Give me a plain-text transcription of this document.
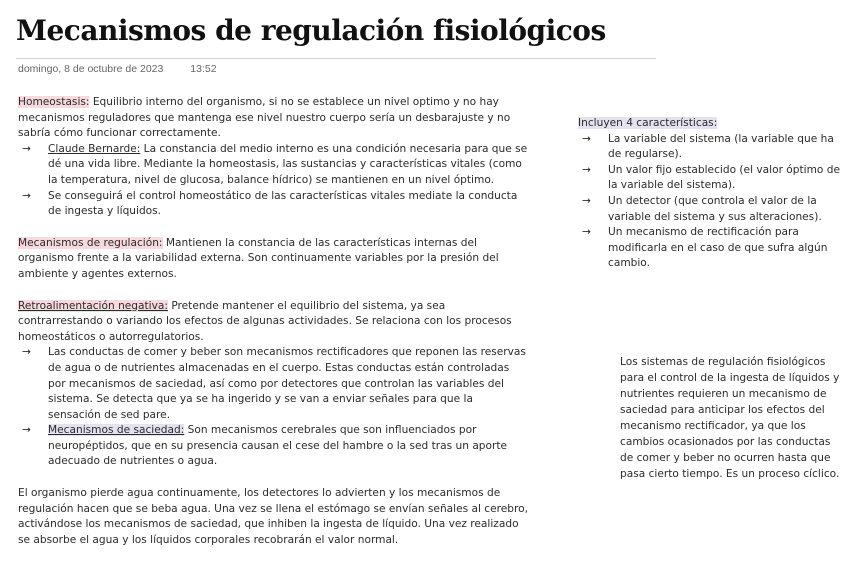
Mecanismos de regulación fisiológicos
domingo, 8 de octubre de 2023	13:52

Homeostasis: Equilibrio interno del organismo, si no se establece un nivel optimo y no hay mecanismos reguladores que mantenga ese nivel nuestro cuerpo sería un desbarajuste y no sabría cómo funcionar correctamente.

→ Claude Bernarde: La constancia del medio interno es una condición necesaria para que se dé una vida libre. Mediante la homeostasis, las sustancias y características vitales (como la temperatura, nivel de glucosa, balance hídrico) se mantienen en un nivel óptimo.

→ Se conseguirá el control homeostático de las características vitales mediate la conducta de ingesta y líquidos.

Mecanismos de regulación: Mantienen la constancia de las características internas del organismo frente a la variabilidad externa. Son continuamente variables por la presión del ambiente y agentes externos.

Retroalimentación negativa: Pretende mantener el equilibrio del sistema, ya sea contrarrestando o variando los efectos de algunas actividades. Se relaciona con los procesos homeostáticos o autorregulatorios.

→ Las conductas de comer y beber son mecanismos rectificadores que reponen las reservas de agua o de nutrientes almacenadas en el cuerpo. Estas conductas están controladas por mecanismos de saciedad, así como por detectores que controlan las variables del sistema. Se detecta que ya se ha ingerido y se van a enviar señales para que la sensación de sed pare.

→ Mecanismos de saciedad: Son mecanismos cerebrales que son influenciados por neuropéptidos, que en su presencia causan el cese del hambre o la sed tras un aporte adecuado de nutrientes o agua.

El organismo pierde agua continuamente, los detectores lo advierten y los mecanismos de regulación hacen que se beba agua. Una vez se llena el estómago se envían señales al cerebro, activándose los mecanismos de saciedad, que inhiben la ingesta de líquido. Una vez realizado se absorbe el agua y los líquidos corporales recobrarán el valor normal.

Incluyen 4 características:

→ La variable del sistema (la variable que ha de regularse).

→ Un valor fijo establecido (el valor óptimo de la variable del sistema).

→ Un detector (que controla el valor de la variable del sistema y sus alteraciones).

→ Un mecanismo de rectificación para modificarla en el caso de que sufra algún cambio.

Los sistemas de regulación fisiológicos para el control de la ingesta de líquidos y nutrientes requieren un mecanismo de saciedad para anticipar los efectos del mecanismo rectificador, ya que los cambios ocasionados por las conductas de comer y beber no ocurren hasta que pasa cierto tiempo. Es un proceso cíclico.
